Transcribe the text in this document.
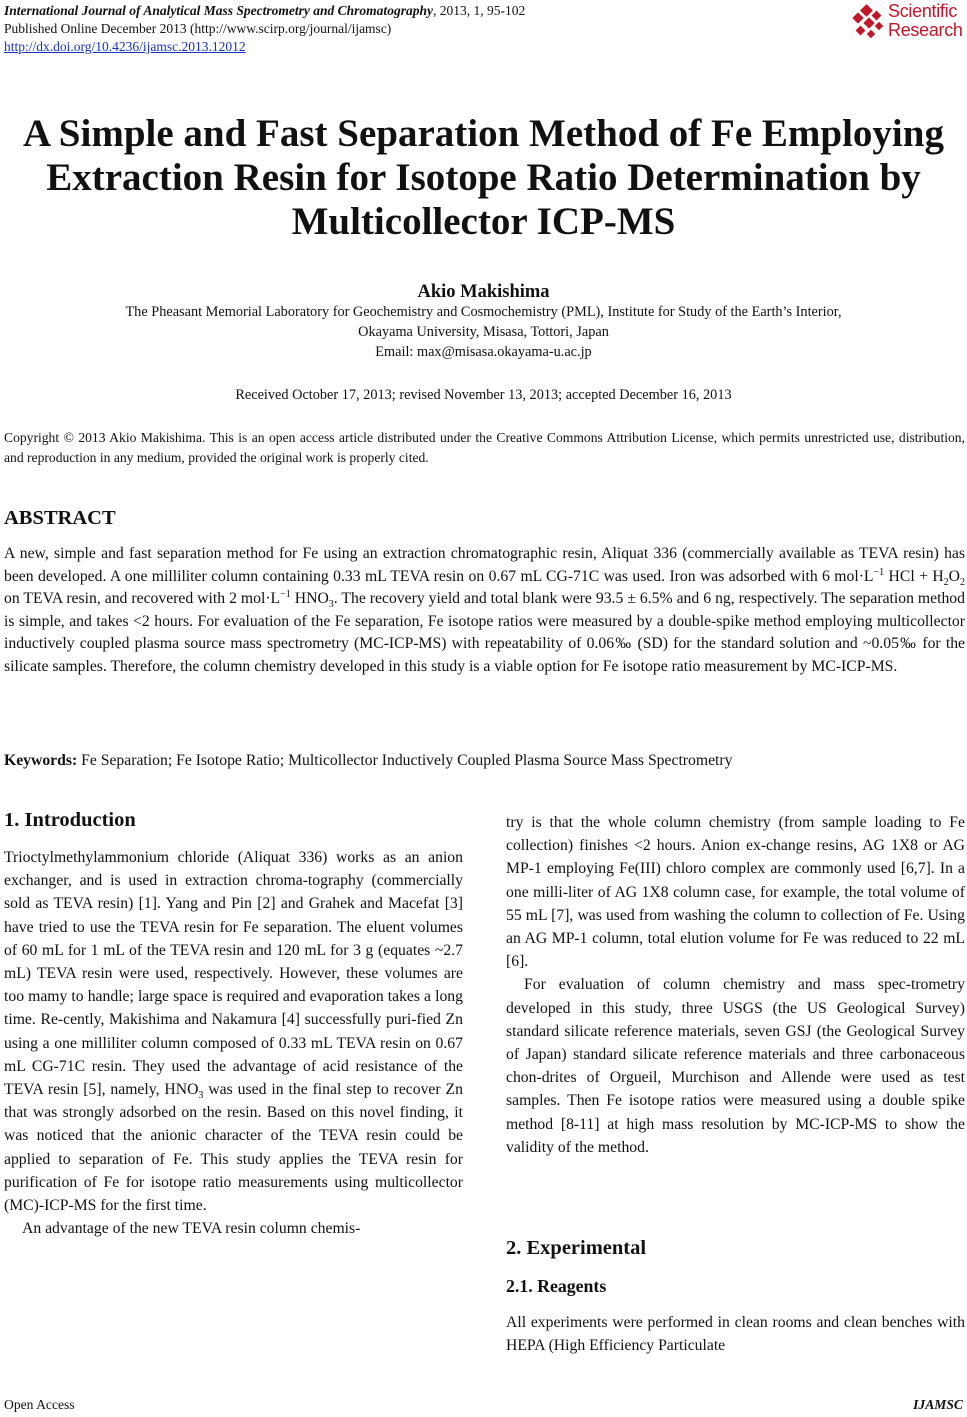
International Journal of Analytical Mass Spectrometry and Chromatography, 2013, 1, 95-102
Published Online December 2013 (http://www.scirp.org/journal/ijamsc)
http://dx.doi.org/10.4236/ijamsc.2013.12012
Scientific
Research
A Simple and Fast Separation Method of Fe Employing
Extraction Resin for Isotope Ratio Determination by
Multicollector ICP-MS
Akio Makishima
The Pheasant Memorial Laboratory for Geochemistry and Cosmochemistry (PML), Institute for Study of the Earth’s Interior,
Okayama University, Misasa, Tottori, Japan
Email: max@misasa.okayama-u.ac.jp
Received October 17, 2013; revised November 13, 2013; accepted December 16, 2013
Copyright © 2013 Akio Makishima. This is an open access article distributed under the Creative Commons Attribution License, which permits unrestricted use, distribution, and reproduction in any medium, provided the original work is properly cited.
ABSTRACT
A new, simple and fast separation method for Fe using an extraction chromatographic resin, Aliquat 336 (commercially available as TEVA resin) has been developed. A one milliliter column containing 0.33 mL TEVA resin on 0.67 mL CG-71C was used. Iron was adsorbed with 6 $mol\cdot L^{-1}$ HCl + $H_2O_2$ on TEVA resin, and recovered with 2 $mol\cdot L^{-1}$ $HNO_3$. The recovery yield and total blank were 93.5 ± 6.5% and 6 ng, respectively. The separation method is simple, and takes <2 hours. For evaluation of the Fe separation, Fe isotope ratios were measured by a double-spike method employing multicollector inductively coupled plasma source mass spectrometry (MC-ICP-MS) with repeatability of 0.06‰ (SD) for the standard solution and ~0.05‰ for the silicate samples. Therefore, the column chemistry developed in this study is a viable option for Fe isotope ratio measurement by MC-ICP-MS.
Keywords: Fe Separation; Fe Isotope Ratio; Multicollector Inductively Coupled Plasma Source Mass Spectrometry
1. Introduction

Trioctylmethylammonium chloride (Aliquat 336) works as an anion exchanger, and is used in extraction chroma-tography (commercially sold as TEVA resin) [1]. Yang and Pin [2] and Grahek and Macefat [3] have tried to use the TEVA resin for Fe separation. The eluent volumes of 60 mL for 1 mL of the TEVA resin and 120 mL for 3 g (equates ~2.7 mL) TEVA resin were used, respectively. However, these volumes are too mamy to handle; large space is required and evaporation takes a long time. Re-cently, Makishima and Nakamura [4] successfully puri-fied Zn using a one milliliter column composed of 0.33 mL TEVA resin on 0.67 mL CG-71C resin. They used the advantage of acid resistance of the TEVA resin [5], namely, $HNO_3$ was used in the final step to recover Zn that was strongly adsorbed on the resin. Based on this novel finding, it was noticed that the anionic character of the TEVA resin could be applied to separation of Fe. This study applies the TEVA resin for purification of Fe for isotope ratio measurements using multicollector (MC)-ICP-MS for the first time.

An advantage of the new TEVA resin column chemis-

try is that the whole column chemistry (from sample loading to Fe collection) finishes <2 hours. Anion ex-change resins, AG 1X8 or AG MP-1 employing Fe(III) chloro complex are commonly used [6,7]. In a one milli-liter of AG 1X8 column case, for example, the total volume of 55 mL [7], was used from washing the column to collection of Fe. Using an AG MP-1 column, total elution volume for Fe was reduced to 22 mL [6].

For evaluation of column chemistry and mass spec-trometry developed in this study, three USGS (the US Geological Survey) standard silicate reference materials, seven GSJ (the Geological Survey of Japan) standard silicate reference materials and three carbonaceous chon-drites of Orgueil, Murchison and Allende were used as test samples. Then Fe isotope ratios were measured using a double spike method [8-11] at high mass resolution by MC-ICP-MS to show the validity of the method.

2. Experimental
2.1. Reagents
All experiments were performed in clean rooms and clean benches with HEPA (High Efficiency Particulate
Open Access	IJAMSC
